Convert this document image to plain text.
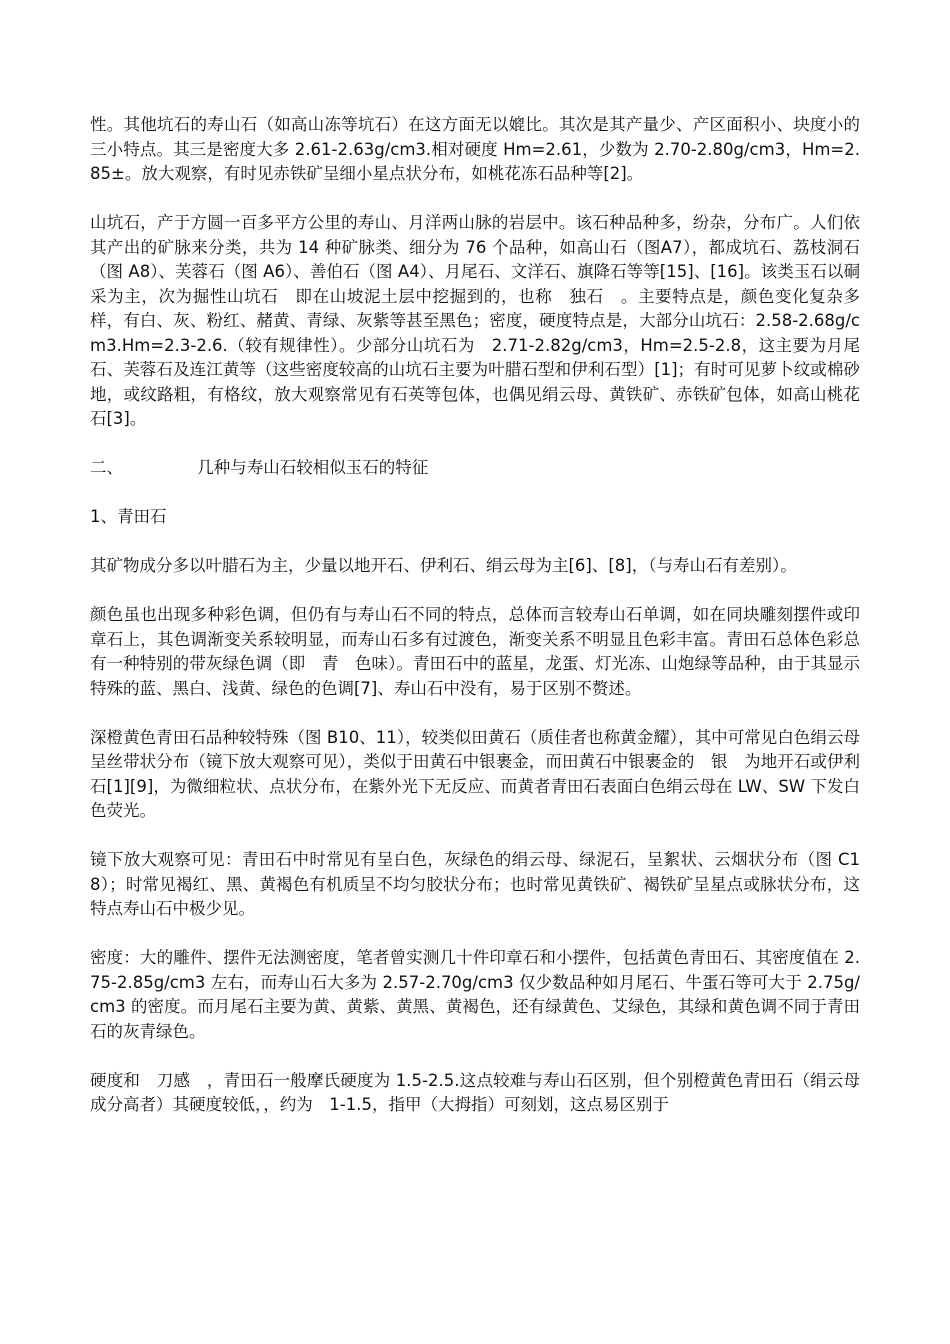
性。其他坑石的寿山石（如高山冻等坑石）在这方面无以媲比。其次是其产量少、产区面积小、块度小的三小特点。其三是密度大多 2.61-2.63g/cm3.相对硬度 Hm=2.61，少数为 2.70-2.80g/cm3，Hm=2.85±。放大观察，有时见赤铁矿呈细小星点状分布，如桃花冻石品种等[2]。

山坑石，产于方圆一百多平方公里的寿山、月洋两山脉的岩层中。该石种品种多，纷杂，分布广。人们依其产出的矿脉来分类，共为 14 种矿脉类、细分为 76 个品种，如高山石（图A7），都成坑石、荔枝洞石（图 A8）、芙蓉石（图 A6）、善伯石（图 A4）、月尾石、文洋石、旗降石等等[15]、[16]。该类玉石以硐采为主，次为掘性山坑石　即在山坡泥土层中挖掘到的，也称　独石　。主要特点是，颜色变化复杂多样，有白、灰、粉红、赭黄、青绿、灰紫等甚至黑色；密度，硬度特点是，大部分山坑石：2.58-2.68g/cm3.Hm=2.3-2.6.（较有规律性）。少部分山坑石为　2.71-2.82g/cm3，Hm=2.5-2.8，这主要为月尾石、芙蓉石及连江黄等（这些密度较高的山坑石主要为叶腊石型和伊利石型）[1]；有时可见萝卜纹或棉砂地，或纹路粗，有格纹，放大观察常见有石英等包体，也偶见绢云母、黄铁矿、赤铁矿包体，如高山桃花石[3]。

二、　　　　　几种与寿山石较相似玉石的特征

1、青田石

其矿物成分多以叶腊石为主，少量以地开石、伊利石、绢云母为主[6]、[8]，（与寿山石有差别）。

颜色虽也出现多种彩色调，但仍有与寿山石不同的特点，总体而言较寿山石单调，如在同块雕刻摆件或印章石上，其色调渐变关系较明显，而寿山石多有过渡色，渐变关系不明显且色彩丰富。青田石总体色彩总有一种特别的带灰绿色调（即　青　色味）。青田石中的蓝星，龙蛋、灯光冻、山炮绿等品种，由于其显示特殊的蓝、黑白、浅黄、绿色的色调[7]、寿山石中没有，易于区别不赘述。

深橙黄色青田石品种较特殊（图 B10、11），较类似田黄石（质佳者也称黄金耀），其中可常见白色绢云母呈丝带状分布（镜下放大观察可见），类似于田黄石中银裹金，而田黄石中银裹金的　银　为地开石或伊利石[1][9]，为微细粒状、点状分布，在紫外光下无反应、而黄者青田石表面白色绢云母在 LW、SW 下发白色荧光。

镜下放大观察可见：青田石中时常见有呈白色，灰绿色的绢云母、绿泥石，呈絮状、云烟状分布（图 C18）；时常见褐红、黑、黄褐色有机质呈不均匀胶状分布；也时常见黄铁矿、褐铁矿呈星点或脉状分布，这特点寿山石中极少见。

密度：大的雕件、摆件无法测密度，笔者曾实测几十件印章石和小摆件，包括黄色青田石、其密度值在 2.75-2.85g/cm3 左右，而寿山石大多为 2.57-2.70g/cm3 仅少数品种如月尾石、牛蛋石等可大于 2.75g/cm3 的密度。而月尾石主要为黄、黄紫、黄黑、黄褐色，还有绿黄色、艾绿色，其绿和黄色调不同于青田石的灰青绿色。

硬度和　刀感　，青田石一般摩氏硬度为 1.5-2.5.这点较难与寿山石区别，但个别橙黄色青田石（绢云母成分高者）其硬度较低，，约为　1-1.5，指甲（大拇指）可刻划，这点易区别于
